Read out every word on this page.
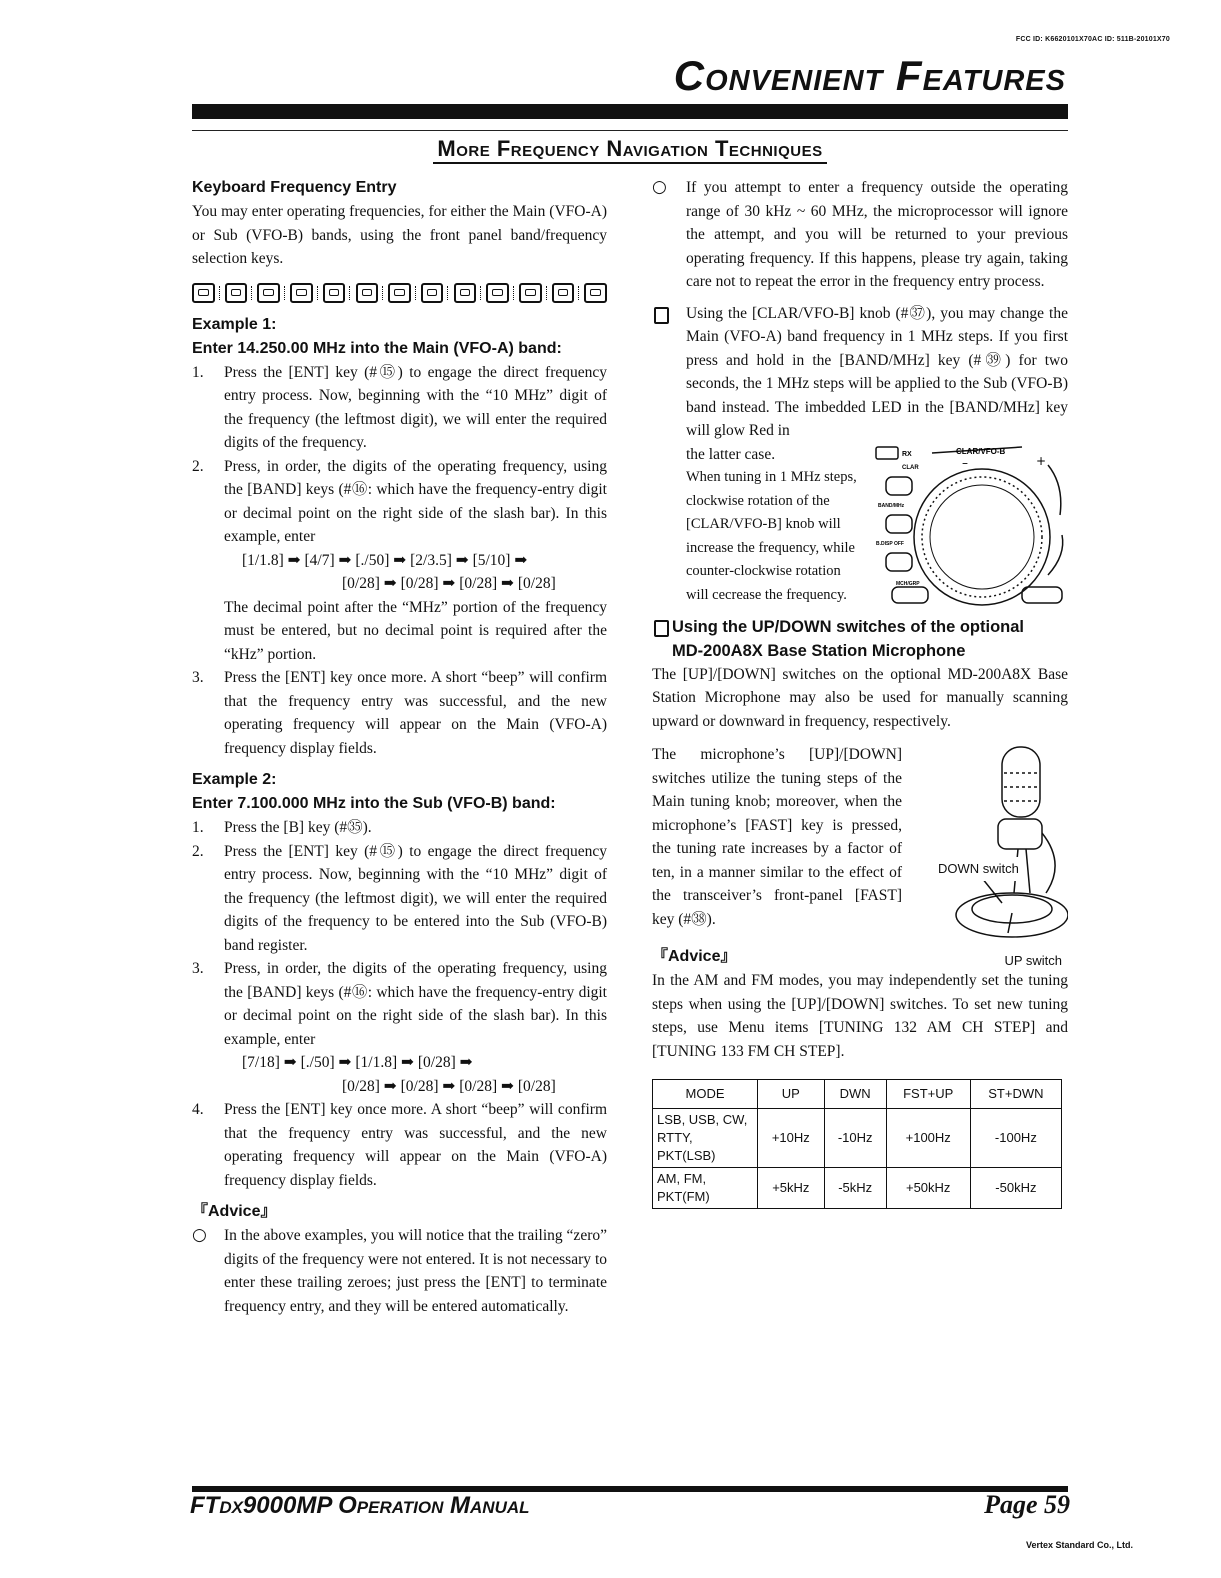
FCC ID: K6620101X70AC ID: 511B-20101X70
Convenient Features
More Frequency Navigation Techniques
Keyboard Frequency Entry

You may enter operating frequencies, for either the Main (VFO-A) or Sub (VFO-B) bands, using the front panel band/frequency selection keys.

Example 1:
Enter 14.250.00 MHz into the Main (VFO-A) band:
1. Press the [ENT] key (#⑮) to engage the direct frequency entry process. Now, beginning with the “10 MHz” digit of the frequency (the leftmost digit), we will enter the required digits of the frequency.

2. Press, in order, the digits of the operating frequency, using the [BAND] keys (#⑯: which have the frequency-entry digit or decimal point on the right side of the slash bar). In this example, enter

[1/1.8] ➡ [4/7] ➡ [./50] ➡ [2/3.5] ➡ [5/10] ➡

[0/28] ➡ [0/28] ➡ [0/28] ➡ [0/28]

The decimal point after the “MHz” portion of the frequency must be entered, but no decimal point is required after the “kHz” portion.

3. Press the [ENT] key once more. A short “beep” will confirm that the frequency entry was successful, and the new operating frequency will appear on the Main (VFO-A) frequency display fields.

Example 2:
Enter 7.100.000 MHz into the Sub (VFO-B) band:
1. Press the [B] key (#㉟).

2. Press the [ENT] key (#⑮) to engage the direct frequency entry process. Now, beginning with the “10 MHz” digit of the frequency (the leftmost digit), we will enter the required digits of the frequency to be entered into the Sub (VFO-B) band register.

3. Press, in order, the digits of the operating frequency, using the [BAND] keys (#⑯: which have the frequency-entry digit or decimal point on the right side of the slash bar). In this example, enter

[7/18] ➡ [./50] ➡ [1/1.8] ➡ [0/28] ➡

[0/28] ➡ [0/28] ➡ [0/28] ➡ [0/28]

4. Press the [ENT] key once more. A short “beep” will confirm that the frequency entry was successful, and the new operating frequency will appear on the Main (VFO-A) frequency display fields.

『Advice』
○ In the above examples, you will notice that the trailing “zero” digits of the frequency were not entered. It is not necessary to enter these trailing zeroes; just press the [ENT] to terminate frequency entry, and they will be entered automatically.

○ If you attempt to enter a frequency outside the operating range of 30 kHz ~ 60 MHz, the microprocessor will ignore the attempt, and you will be returned to your previous operating frequency. If this happens, please try again, taking care not to repeat the error in the frequency entry process.

Using the [CLAR/VFO-B] knob (#㊲), you may change the Main (VFO-A) band frequency in 1 MHz steps. If you first press and hold in the [BAND/MHz] key (#㊴) for two seconds, the 1 MHz steps will be applied to the Sub (VFO-B) band instead. The imbedded LED in the [BAND/MHz] key will glow Red in

the latter case.

When tuning in 1 MHz steps, clockwise rotation of the [CLAR/VFO-B] knob will increase the frequency, while counter-clockwise rotation will cecrease the frequency.

RX	CLAR/VFO-B
CLAR
BAND/MHz
B.DISP OFF
MCH/GRP
+
–
Using the UP/DOWN switches of the optional
MD-200A8X Base Station Microphone

The [UP]/[DOWN] switches on the optional MD-200A8X Base Station Microphone may also be used for manually scanning upward or downward in frequency, respectively.

The microphone’s [UP]/[DOWN] switches utilize the tuning steps of the Main tuning knob; moreover, when the microphone’s [FAST] key is pressed, the tuning rate increases by a factor of ten, in a manner similar to the effect of the transceiver’s front-panel [FAST] key (#㊳).

DOWN switch
『Advice』	UP switch

In the AM and FM modes, you may independently set the tuning steps when using the [UP]/[DOWN] switches. To set new tuning steps, use Menu items [TUNING 132 AM CH STEP] and [TUNING 133 FM CH STEP].

MODE	UP	DWN	FST+UP	ST+DWN
LSB, USB, CW, RTTY, PKT(LSB)	+10Hz	-10Hz	+100Hz	-100Hz
AM, FM, PKT(FM)	+5kHz	-5kHz	+50kHz	-50kHz
FTdx9000MP Operation Manual	Page 59
Vertex Standard Co., Ltd.
